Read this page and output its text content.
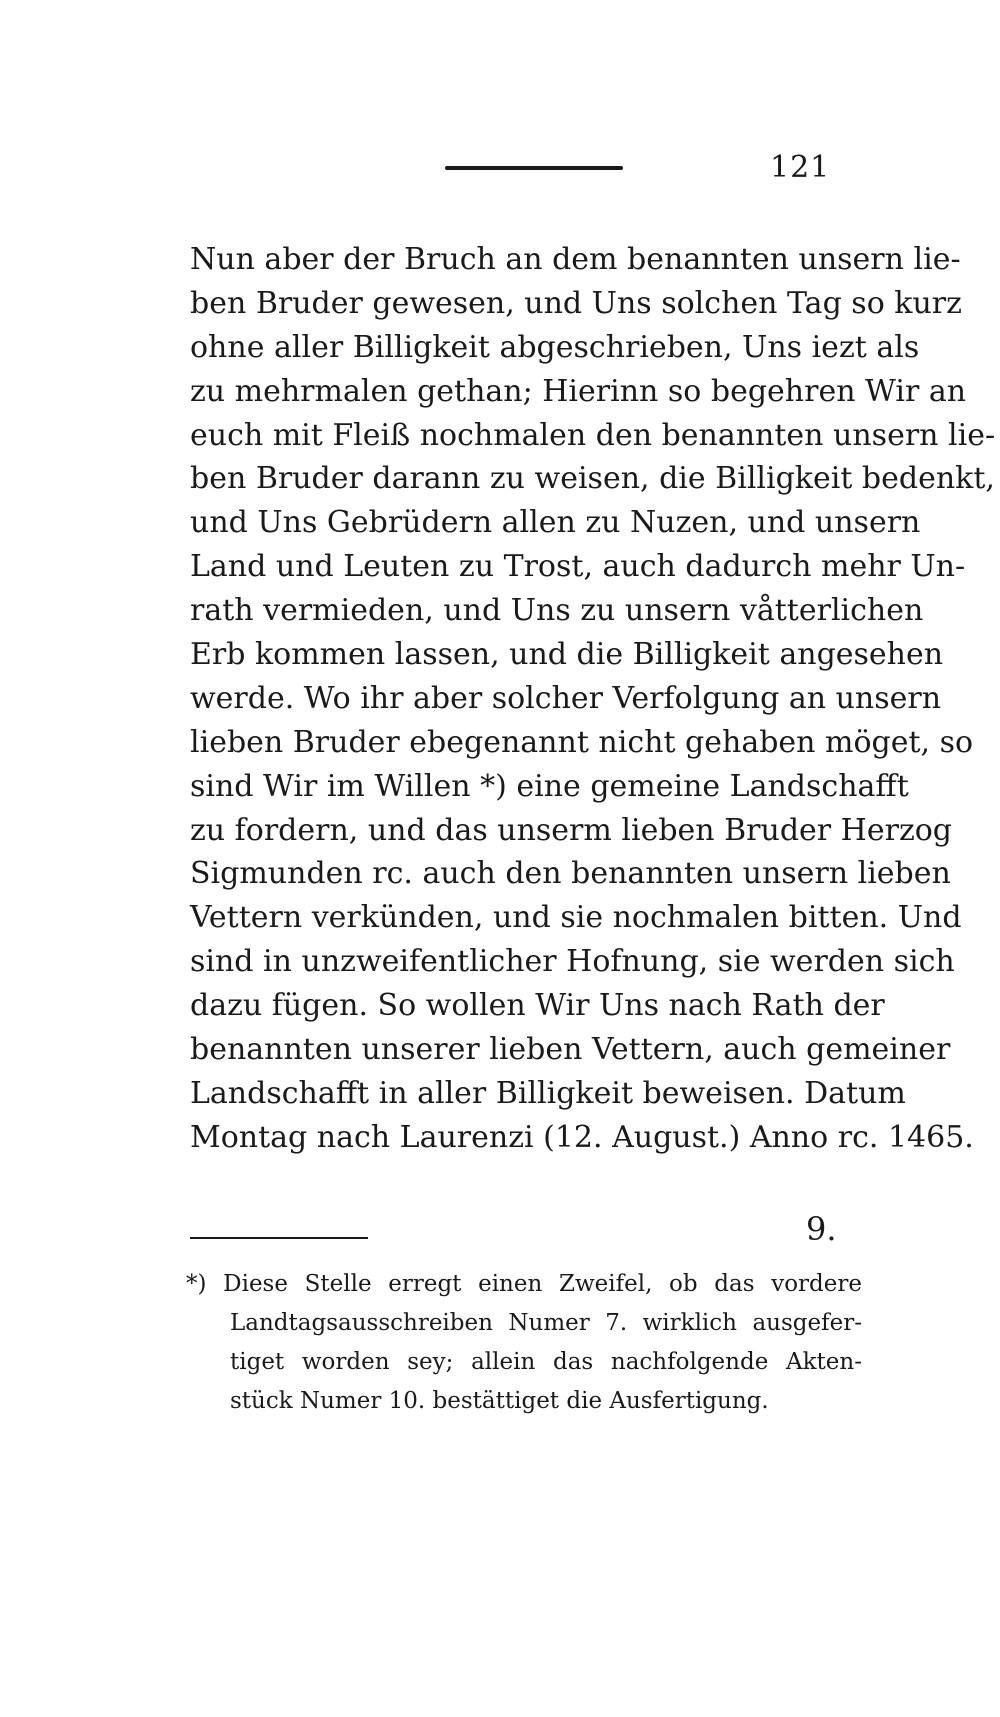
121
Nun aber der Bruch an dem benannten unsern lie-
ben Bruder gewesen, und Uns solchen Tag so kurz
ohne aller Billigkeit abgeschrieben, Uns iezt als
zu mehrmalen gethan; Hierinn so begehren Wir an
euch mit Fleiß nochmalen den benannten unsern lie-
ben Bruder darann zu weisen, die Billigkeit bedenkt,
und Uns Gebrüdern allen zu Nuzen, und unsern
Land und Leuten zu Trost, auch dadurch mehr Un-
rath vermieden, und Uns zu unsern våtterlichen
Erb kommen lassen, und die Billigkeit angesehen
werde. Wo ihr aber solcher Verfolgung an unsern
lieben Bruder ebegenannt nicht gehaben möget, so
sind Wir im Willen *) eine gemeine Landschafft
zu fordern, und das unserm lieben Bruder Herzog
Sigmunden rc. auch den benannten unsern lieben
Vettern verkünden, und sie nochmalen bitten. Und
sind in unzweifentlicher Hofnung, sie werden sich
dazu fügen. So wollen Wir Uns nach Rath der
benannten unserer lieben Vettern, auch gemeiner
Landschafft in aller Billigkeit beweisen. Datum
Montag nach Laurenzi (12. August.) Anno rc. 1465.
9.
*) Diese Stelle erregt einen Zweifel, ob das vordere
Landtagsausschreiben Numer 7. wirklich ausgefer-
tiget worden sey; allein das nachfolgende Akten-
stück Numer 10. bestättiget die Ausfertigung.
